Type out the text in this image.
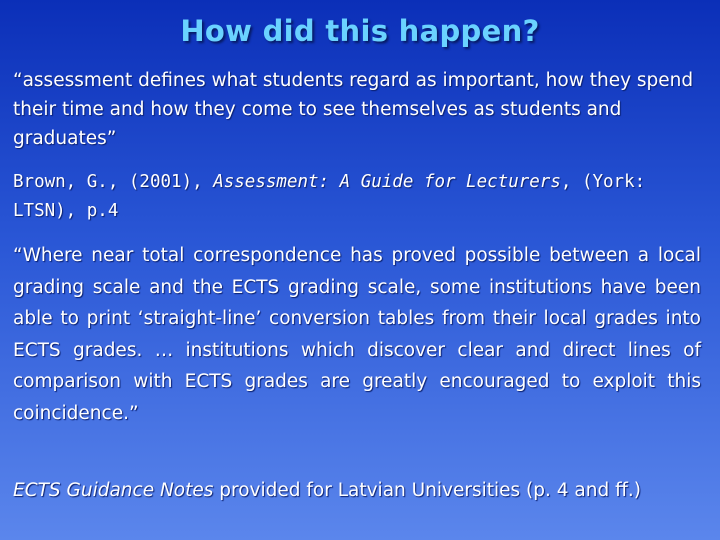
How did this happen?
“assessment defines what students regard as important, how they spend their time and how they come to see themselves as students and graduates”
Brown, G., (2001), Assessment: A Guide for Lecturers, (York: LTSN), p.4
“Where near total correspondence has proved possible between a local grading scale and the ECTS grading scale, some institutions have been able to print ‘straight-line’ conversion tables from their local grades into ECTS grades. … institutions which discover clear and direct lines of comparison with ECTS grades are greatly encouraged to exploit this coincidence.”
ECTS Guidance Notes provided for Latvian Universities (p. 4 and ff.)
